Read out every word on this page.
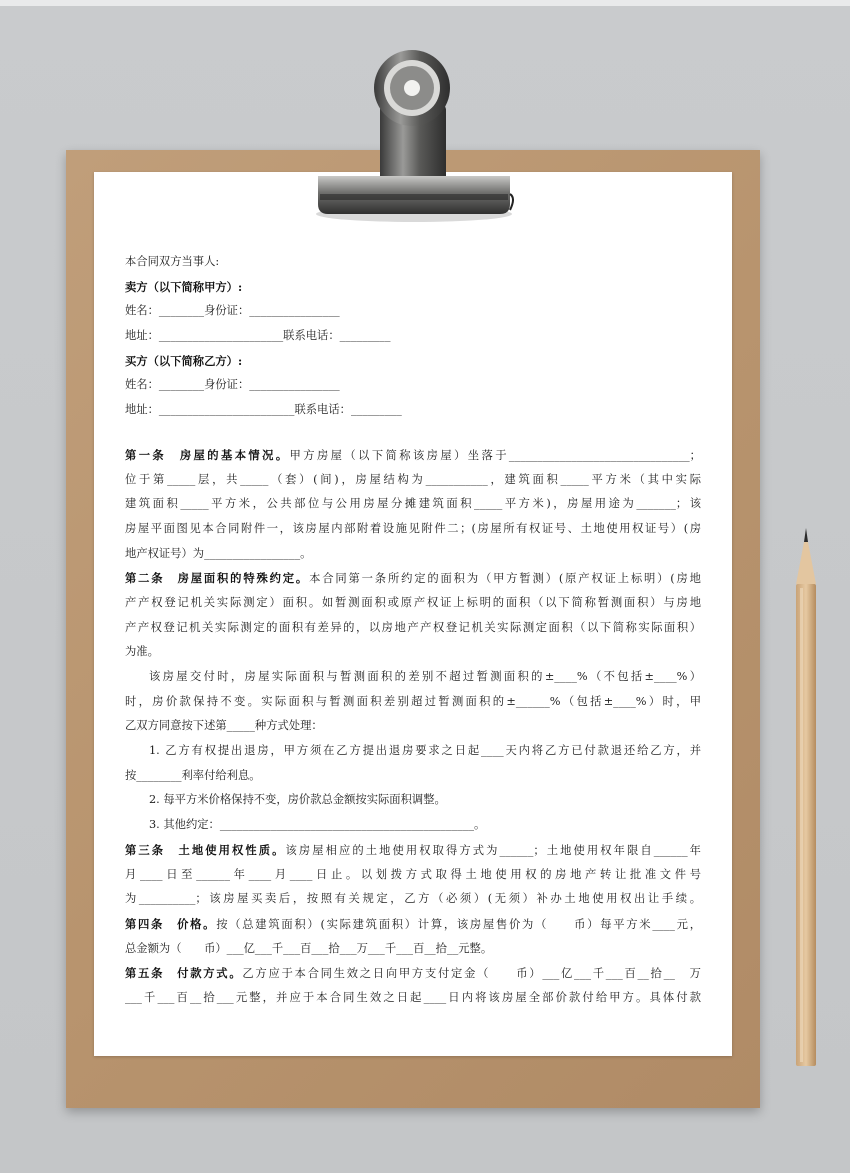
本合同双方当事人:
卖方（以下简称甲方）:
姓名：________身份证：________________
地址：______________________联系电话：_________
买方（以下简称乙方）:
姓名：________身份证：________________
地址：________________________联系电话：_________
第一条　房屋的基本情况。甲方房屋（以下简称该房屋）坐落于________________________________；
位于第_____层，共_____（套）(间)，房屋结构为___________，建筑面积_____平方米（其中实际
建筑面积_____平方米，公共部位与公用房屋分摊建筑面积_____平方米)，房屋用途为_______；该
房屋平面图见本合同附件一，该房屋内部附着设施见附件二；(房屋所有权证号、土地使用权证号）(房
地产权证号）为_________________。
第二条　房屋面积的特殊约定。本合同第一条所约定的面积为（甲方暂测）(原产权证上标明）(房地
产产权登记机关实际测定）面积。如暂测面积或原产权证上标明的面积（以下简称暂测面积）与房地
产产权登记机关实际测定的面积有差异的，以房地产产权登记机关实际测定面积（以下简称实际面积）
为准。
该房屋交付时，房屋实际面积与暂测面积的差别不超过暂测面积的±____%（不包括±____%）
时，房价款保持不变。实际面积与暂测面积差别超过暂测面积的±______%（包括±____%）时，甲
乙双方同意按下述第_____种方式处理：
1. 乙方有权提出退房，甲方须在乙方提出退房要求之日起____天内将乙方已付款退还给乙方，并
按________利率付给利息。
2. 每平方米价格保持不变，房价款总金额按实际面积调整。
3. 其他约定：_____________________________________________。
第三条　土地使用权性质。该房屋相应的土地使用权取得方式为______；土地使用权年限自______年
月____日至______年____月____日止。以划拨方式取得土地使用权的房地产转让批准文件号
为__________；该房屋买卖后，按照有关规定，乙方（必须）(无须）补办土地使用权出让手续。
第四条　价格。按（总建筑面积）(实际建筑面积）计算，该房屋售价为（　　币）每平方米____元，
总金额为（　　币）___亿___千___百___拾___万___千___百__拾__元整。
第五条　付款方式。乙方应于本合同生效之日向甲方支付定金（　　币）___亿___千___百__拾__　万
___千___百__拾___元整，并应于本合同生效之日起____日内将该房屋全部价款付给甲方。具体付款
